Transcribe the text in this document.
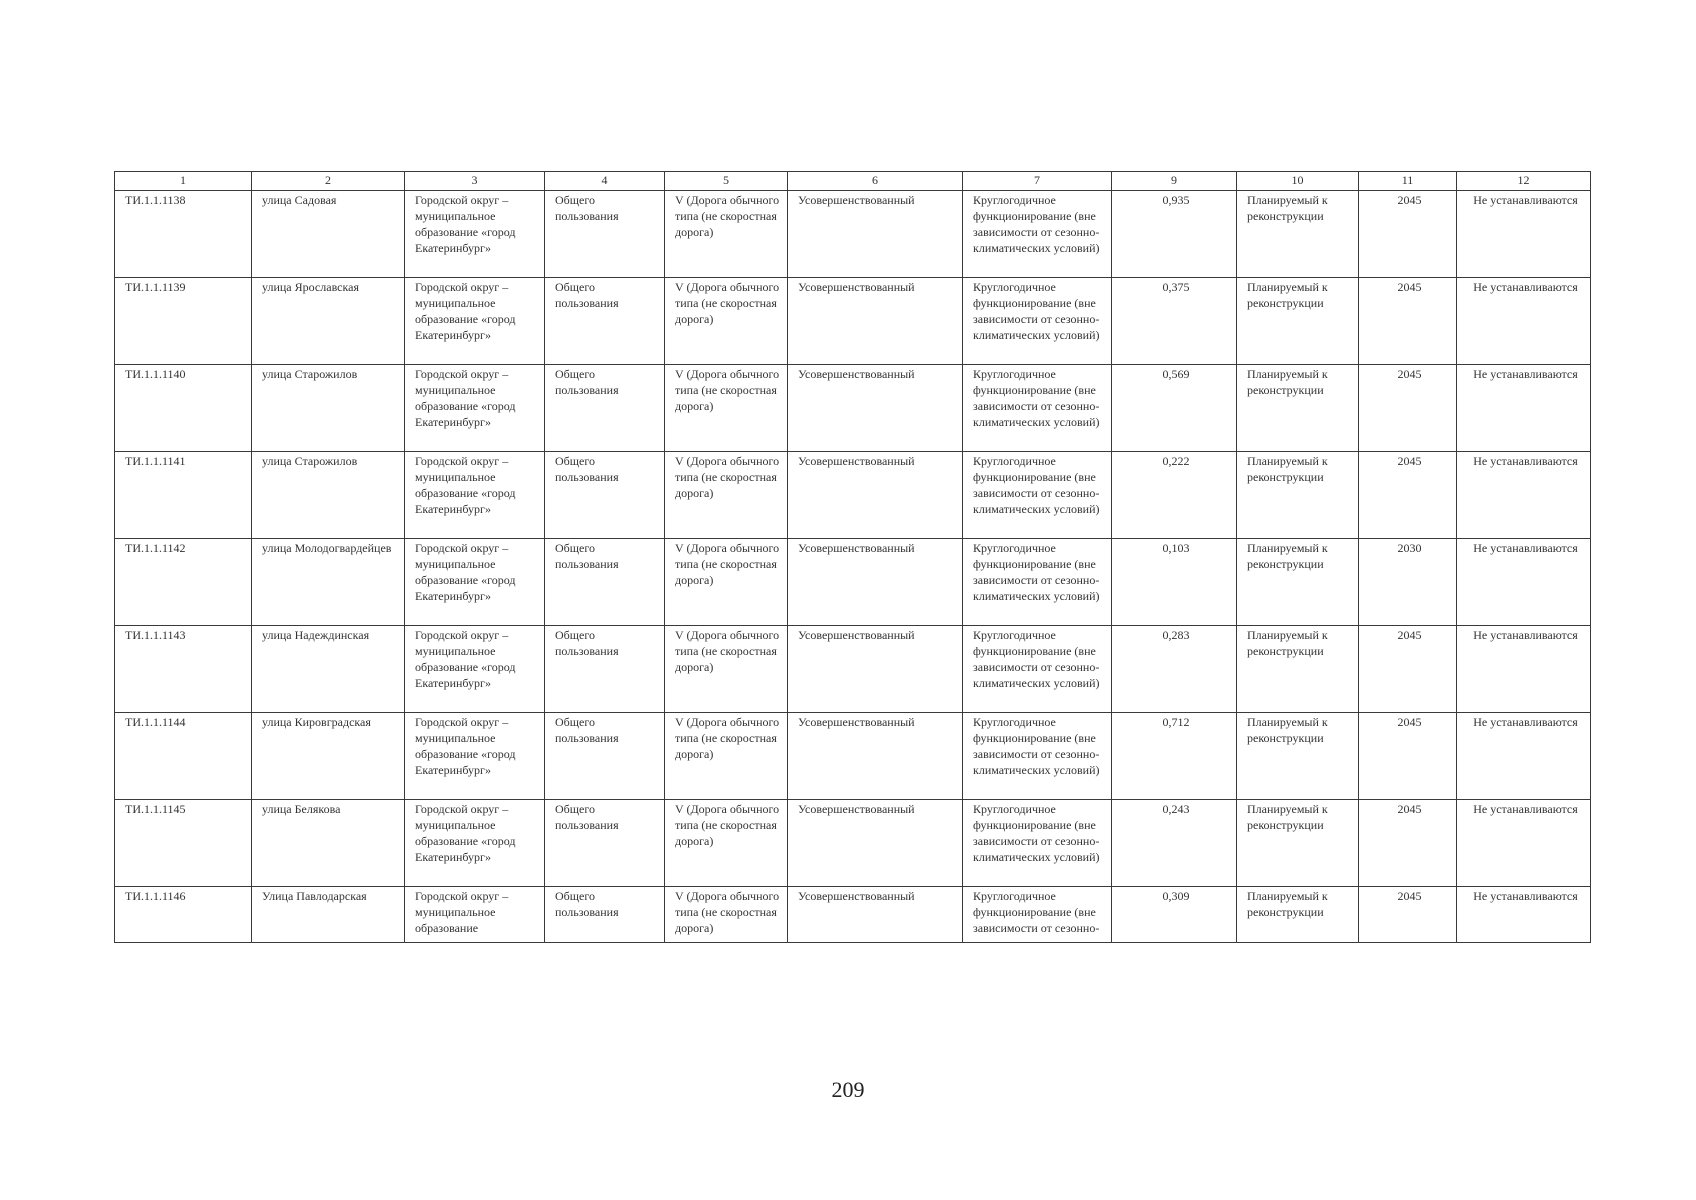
1	2	3	4	5	6	7	9	10	11	12
ТИ.1.1.1138	улица Садовая	Городской округ – муниципальное образование «город Екатеринбург»	Общего пользования	V (Дорога обычного типа (не скоростная дорога)	Усовершенствованный	Круглогодичное функционирование (вне зависимости от сезонно-климатических условий)	0,935	Планируемый к реконструкции	2045	Не устанавливаются
ТИ.1.1.1139	улица Ярославская	Городской округ – муниципальное образование «город Екатеринбург»	Общего пользования	V (Дорога обычного типа (не скоростная дорога)	Усовершенствованный	Круглогодичное функционирование (вне зависимости от сезонно-климатических условий)	0,375	Планируемый к реконструкции	2045	Не устанавливаются
ТИ.1.1.1140	улица Старожилов	Городской округ – муниципальное образование «город Екатеринбург»	Общего пользования	V (Дорога обычного типа (не скоростная дорога)	Усовершенствованный	Круглогодичное функционирование (вне зависимости от сезонно-климатических условий)	0,569	Планируемый к реконструкции	2045	Не устанавливаются
ТИ.1.1.1141	улица Старожилов	Городской округ – муниципальное образование «город Екатеринбург»	Общего пользования	V (Дорога обычного типа (не скоростная дорога)	Усовершенствованный	Круглогодичное функционирование (вне зависимости от сезонно-климатических условий)	0,222	Планируемый к реконструкции	2045	Не устанавливаются
ТИ.1.1.1142	улица Молодогвардейцев	Городской округ – муниципальное образование «город Екатеринбург»	Общего пользования	V (Дорога обычного типа (не скоростная дорога)	Усовершенствованный	Круглогодичное функционирование (вне зависимости от сезонно-климатических условий)	0,103	Планируемый к реконструкции	2030	Не устанавливаются
ТИ.1.1.1143	улица Надеждинская	Городской округ – муниципальное образование «город Екатеринбург»	Общего пользования	V (Дорога обычного типа (не скоростная дорога)	Усовершенствованный	Круглогодичное функционирование (вне зависимости от сезонно-климатических условий)	0,283	Планируемый к реконструкции	2045	Не устанавливаются
ТИ.1.1.1144	улица Кировградская	Городской округ – муниципальное образование «город Екатеринбург»	Общего пользования	V (Дорога обычного типа (не скоростная дорога)	Усовершенствованный	Круглогодичное функционирование (вне зависимости от сезонно-климатических условий)	0,712	Планируемый к реконструкции	2045	Не устанавливаются
ТИ.1.1.1145	улица Белякова	Городской округ – муниципальное образование «город Екатеринбург»	Общего пользования	V (Дорога обычного типа (не скоростная дорога)	Усовершенствованный	Круглогодичное функционирование (вне зависимости от сезонно-климатических условий)	0,243	Планируемый к реконструкции	2045	Не устанавливаются
ТИ.1.1.1146	Улица Павлодарская	Городской округ – муниципальное образование	Общего пользования	V (Дорога обычного типа (не скоростная дорога)	Усовершенствованный	Круглогодичное функционирование (вне зависимости от сезонно-	0,309	Планируемый к реконструкции	2045	Не устанавливаются
209
